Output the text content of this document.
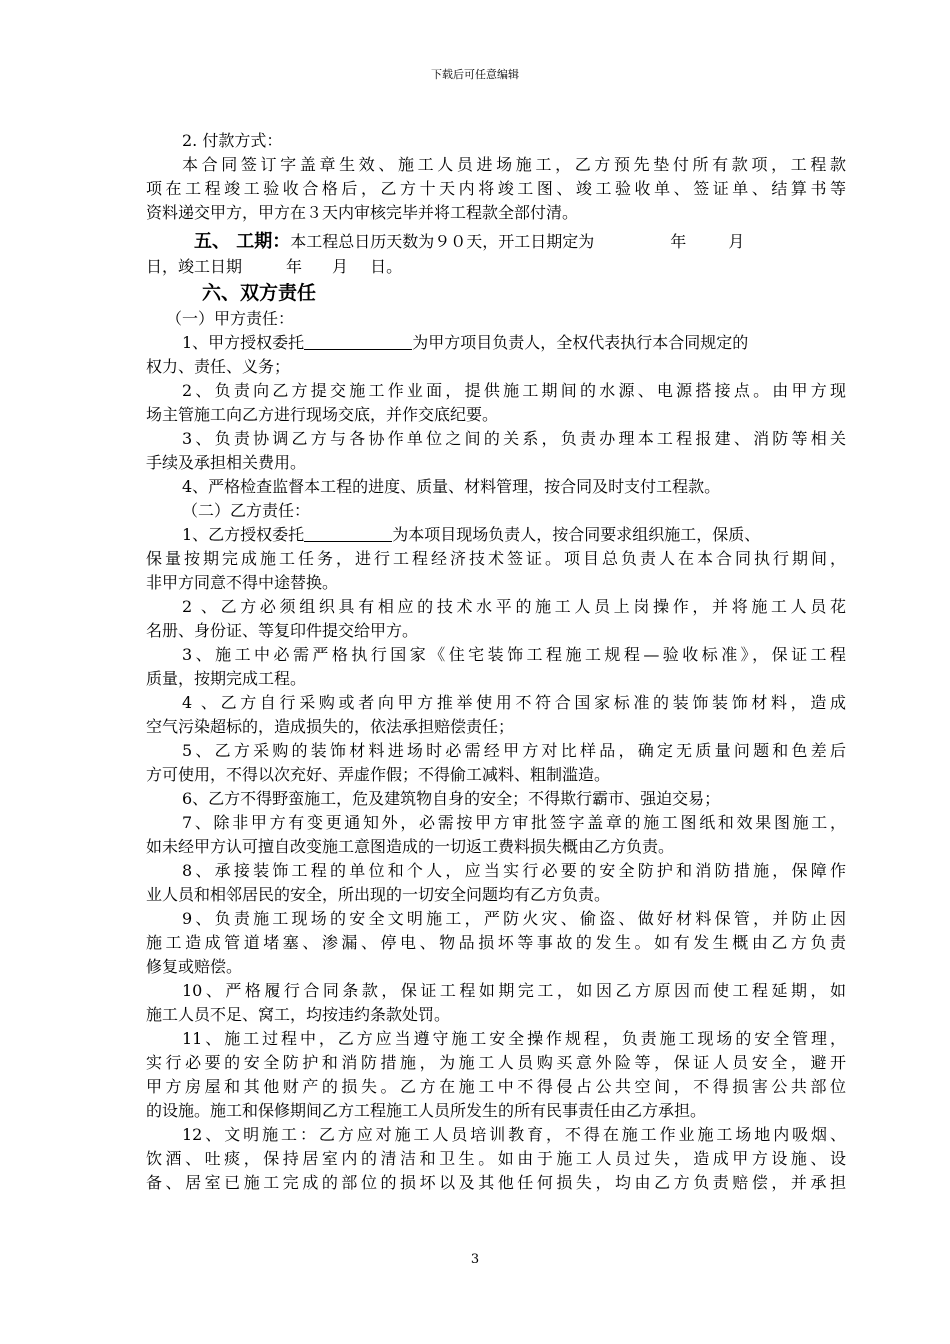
下载后可任意编辑
2. 付款方式：
本合同签订字盖章生效、施工人员进场施工，乙方预先垫付所有款项，工程款
项在工程竣工验收合格后，乙方十天内将竣工图、竣工验收单、签证单、结算书等
资料递交甲方，甲方在３天内审核完毕并将工程款全部付清。
五、 工期：本工程总日历天数为９０天，开工日期定为	年	月
日，竣工日期	年 月 日。
六、双方责任
（一）甲方责任：
1、甲方授权委托	为甲方项目负责人，全权代表执行本合同规定的
权力、责任、义务；
2、负责向乙方提交施工作业面，提供施工期间的水源、电源搭接点。由甲方现
场主管施工向乙方进行现场交底，并作交底纪要。
3、负责协调乙方与各协作单位之间的关系，负责办理本工程报建、消防等相关
手续及承担相关费用。
4、严格检查监督本工程的进度、质量、材料管理，按合同及时支付工程款。
（二）乙方责任：
1、乙方授权委托	为本项目现场负责人，按合同要求组织施工，保质、
保量按期完成施工任务，进行工程经济技术签证。项目总负责人在本合同执行期间，
非甲方同意不得中途替换。
2 、乙方必须组织具有相应的技术水平的施工人员上岗操作，并将施工人员花
名册、身份证、等复印件提交给甲方。
3、施工中必需严格执行国家《住宅装饰工程施工规程—验收标准》，保证工程
质量，按期完成工程。
4 、乙方自行采购或者向甲方推举使用不符合国家标准的装饰装饰材料，造成
空气污染超标的，造成损失的，依法承担赔偿责任；
5、乙方采购的装饰材料进场时必需经甲方对比样品，确定无质量问题和色差后
方可使用，不得以次充好、弄虚作假；不得偷工减料、粗制滥造。
6、乙方不得野蛮施工，危及建筑物自身的安全；不得欺行霸市、强迫交易；
7、除非甲方有变更通知外，必需按甲方审批签字盖章的施工图纸和效果图施工，
如未经甲方认可擅自改变施工意图造成的一切返工费料损失概由乙方负责。
8、承接装饰工程的单位和个人，应当实行必要的安全防护和消防措施，保障作
业人员和相邻居民的安全，所出现的一切安全问题均有乙方负责。
9、负责施工现场的安全文明施工，严防火灾、偷盗、做好材料保管，并防止因
施工造成管道堵塞、渗漏、停电、物品损坏等事故的发生。如有发生概由乙方负责
修复或赔偿。
10、严格履行合同条款，保证工程如期完工，如因乙方原因而使工程延期，如
施工人员不足、窝工，均按违约条款处罚。
11、施工过程中，乙方应当遵守施工安全操作规程，负责施工现场的安全管理，
实行必要的安全防护和消防措施，为施工人员购买意外险等，保证人员安全，避开
甲方房屋和其他财产的损失。乙方在施工中不得侵占公共空间，不得损害公共部位
的设施。施工和保修期间乙方工程施工人员所发生的所有民事责任由乙方承担。
12、文明施工：乙方应对施工人员培训教育，不得在施工作业施工场地内吸烟、
饮酒、吐痰，保持居室内的清洁和卫生。如由于施工人员过失，造成甲方设施、设
备、居室已施工完成的部位的损坏以及其他任何损失，均由乙方负责赔偿，并承担
3
